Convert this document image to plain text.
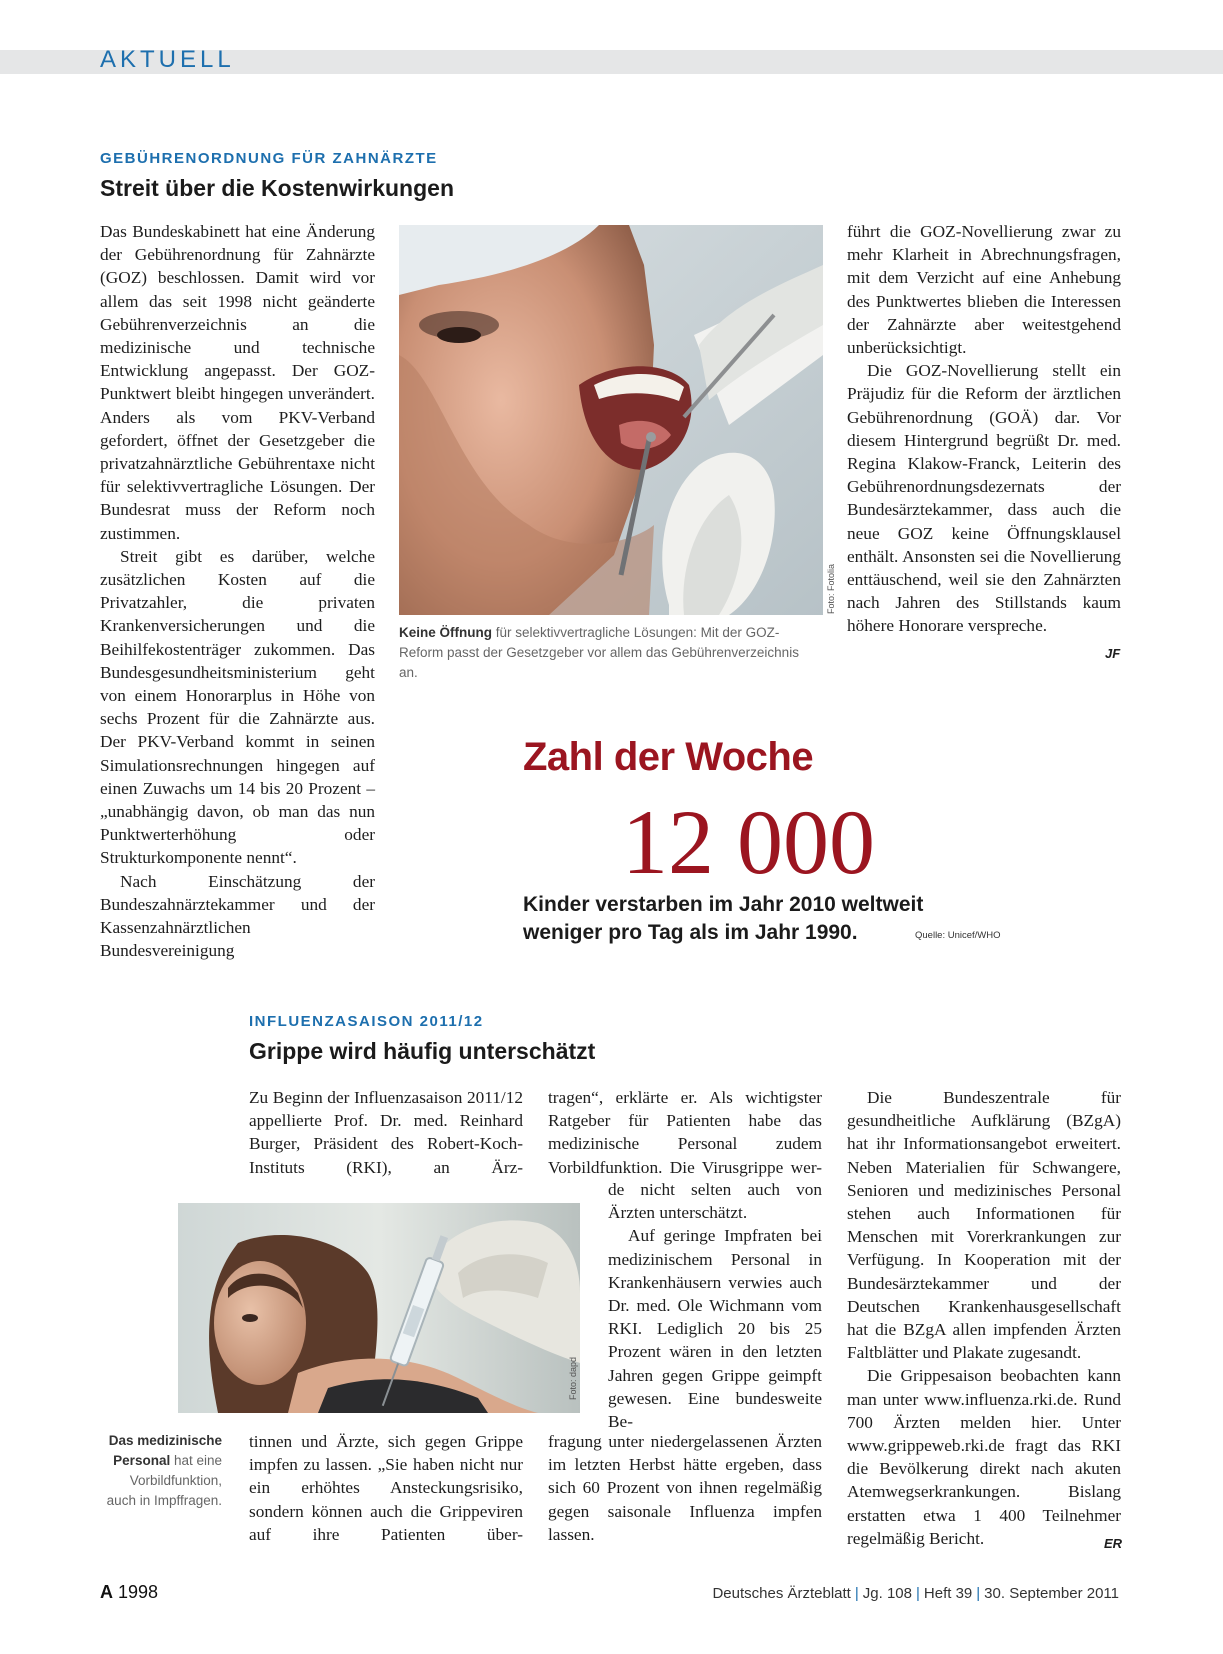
AKTUELL
GEBÜHRENORDNUNG FÜR ZAHNÄRZTE
Streit über die Kostenwirkungen

Das Bundeskabinett hat eine Änderung der Gebührenordnung für Zahnärzte (GOZ) beschlossen. Damit wird vor allem das seit 1998 nicht geänderte Gebührenverzeichnis an die medizinische und technische Entwicklung angepasst. Der GOZ-Punktwert bleibt hingegen unverändert. Anders als vom PKV-Verband gefordert, öffnet der Gesetzgeber die privatzahnärztliche Gebührentaxe nicht für selektivvertragliche Lösungen. Der Bundesrat muss der Reform noch zustimmen.

Streit gibt es darüber, welche zusätzlichen Kosten auf die Privatzahler, die privaten Krankenversicherungen und die Beihilfekostenträger zukommen. Das Bundesgesundheitsministerium geht von einem Honorarplus in Höhe von sechs Prozent für die Zahnärzte aus. Der PKV-Verband kommt in seinen Simulationsrechnungen hingegen auf einen Zuwachs um 14 bis 20 Prozent – „unabhängig davon, ob man das nun Punktwerterhöhung oder Strukturkomponente nennt“.

Nach Einschätzung der Bundeszahnärztekammer und der Kassenzahnärztlichen Bundesvereinigung

Foto: Fotolia
Keine Öffnung für selektivvertragliche Lösungen: Mit der GOZ-Reform passt der Gesetzgeber vor allem das Gebührenverzeichnis an.

führt die GOZ-Novellierung zwar zu mehr Klarheit in Abrechnungsfragen, mit dem Verzicht auf eine Anhebung des Punktwertes blieben die Interessen der Zahnärzte aber weitestgehend unberücksichtigt.

Die GOZ-Novellierung stellt ein Präjudiz für die Reform der ärztlichen Gebührenordnung (GOÄ) dar. Vor diesem Hintergrund begrüßt Dr. med. Regina Klakow-Franck, Leiterin des Gebührenordnungsdezernats der Bundesärztekammer, dass auch die neue GOZ keine Öffnungsklausel enthält. Ansonsten sei die Novellierung enttäuschend, weil sie den Zahnärzten nach Jahren des Stillstands kaum höhere Honorare verspreche.

JF
Zahl der Woche
12 000
Kinder verstarben im Jahr 2010 weltweit weniger pro Tag als im Jahr 1990.	Quelle: Unicef/WHO
INFLUENZASAISON 2011/12
Grippe wird häufig unterschätzt

Zu Beginn der Influenzasaison 2011/12 appellierte Prof. Dr. med. Reinhard Burger, Präsident des Robert-Koch-Instituts (RKI), an Ärz-

Foto: dapd
Das medizinische Personal hat eine Vorbildfunktion, auch in Impffragen.

tinnen und Ärzte, sich gegen Grippe impfen zu lassen. „Sie haben nicht nur ein erhöhtes Ansteckungsrisiko, sondern können auch die Grippeviren auf ihre Patienten über-

tragen“, erklärte er. Als wichtigster Ratgeber für Patienten habe das medizinische Personal zudem Vorbildfunktion. Die Virusgrippe wer-

de nicht selten auch von Ärzten unterschätzt.

Auf geringe Impfraten bei medizinischem Personal in Krankenhäusern verwies auch Dr. med. Ole Wichmann vom RKI. Lediglich 20 bis 25 Prozent wären in den letzten Jahren gegen Grippe geimpft gewesen. Eine bundesweite Be-

fragung unter niedergelassenen Ärzten im letzten Herbst hätte ergeben, dass sich 60 Prozent von ihnen regelmäßig gegen saisonale Influenza impfen lassen.

Die Bundeszentrale für gesundheitliche Aufklärung (BZgA) hat ihr Informationsangebot erweitert. Neben Materialien für Schwangere, Senioren und medizinisches Personal stehen auch Informationen für Menschen mit Vorerkrankungen zur Verfügung. In Kooperation mit der Bundesärztekammer und der Deutschen Krankenhausgesellschaft hat die BZgA allen impfenden Ärzten Faltblätter und Plakate zugesandt.

Die Grippesaison beobachten kann man unter www.influenza.rki.de. Rund 700 Ärzten melden hier. Unter www.grippeweb.rki.de fragt das RKI die Bevölkerung direkt nach akuten Atemwegserkrankungen. Bislang erstatten etwa 1 400 Teilnehmer regelmäßig Bericht.	ER
A 1998	Deutsches Ärzteblatt | Jg. 108 | Heft 39 | 30. September 2011
